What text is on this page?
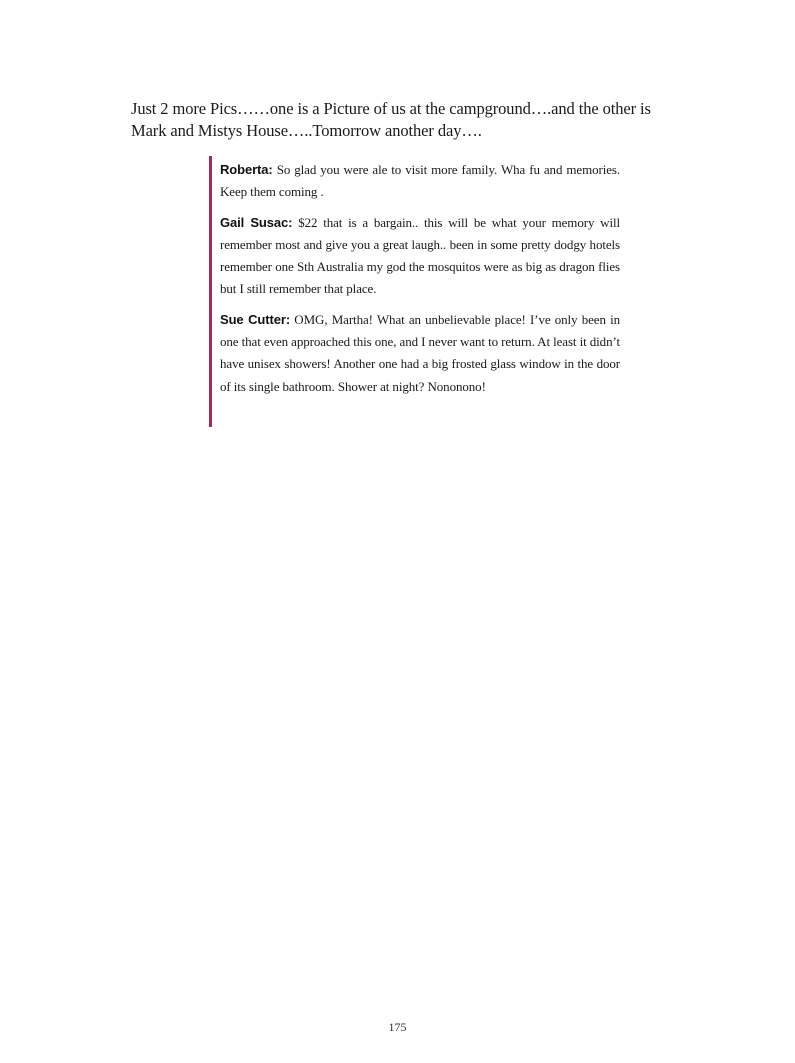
Just 2 more Pics……one is a Picture of us at the campground….and the other is Mark and Mistys House…..Tomorrow another day….

Roberta: So glad you were ale to visit more family. Wha fu and memories. Keep them coming .

Gail Susac: $22 that is a bargain.. this will be what your memory will remember most and give you a great laugh.. been in some pretty dodgy hotels remember one Sth Australia my god the mosquitos were as big as dragon flies but I still remember that place.

Sue Cutter: OMG, Martha! What an unbelievable place! I’ve only been in one that even approached this one, and I never want to return. At least it didn’t have unisex showers! Another one had a big frosted glass window in the door of its single bathroom. Shower at night? Nononono!

175
